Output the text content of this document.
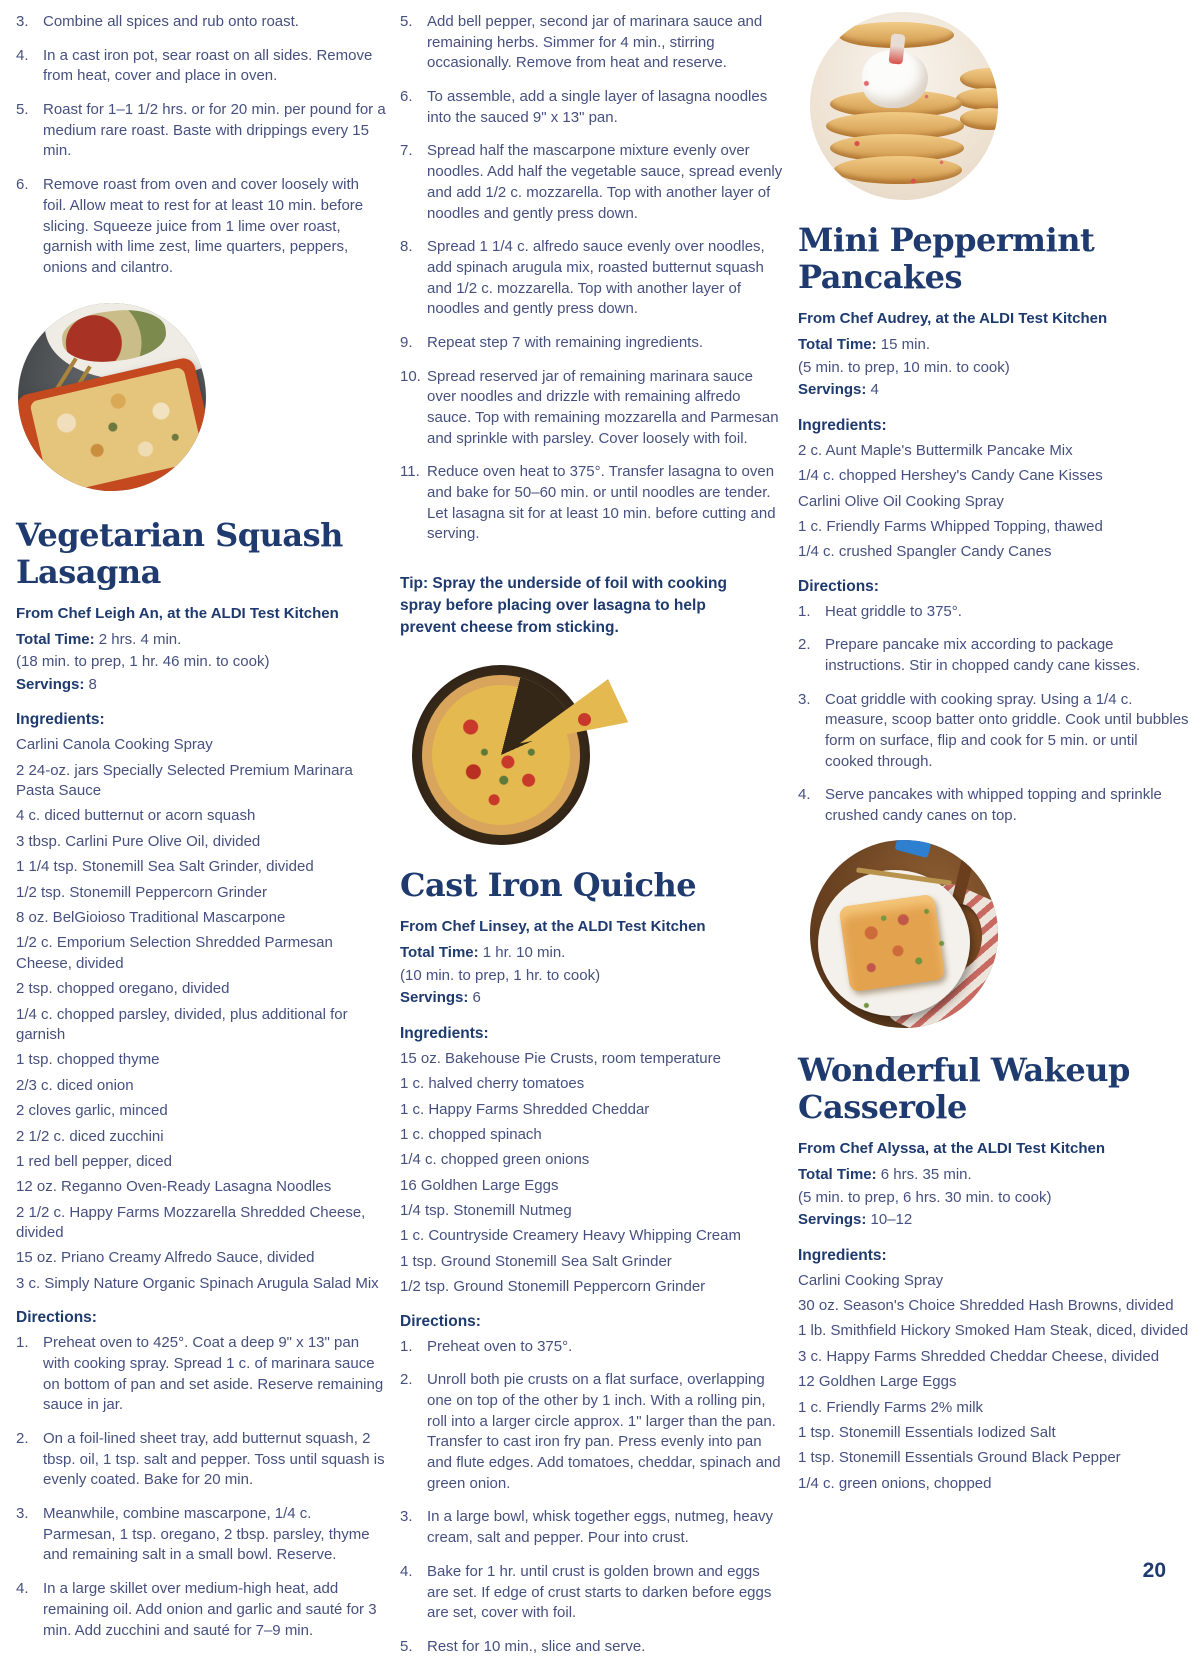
3. Combine all spices and rub onto roast.
4. In a cast iron pot, sear roast on all sides. Remove from heat, cover and place in oven.
5. Roast for 1–1 1/2 hrs. or for 20 min. per pound for a medium rare roast. Baste with drippings every 15 min.
6. Remove roast from oven and cover loosely with foil. Allow meat to rest for at least 10 min. before slicing. Squeeze juice from 1 lime over roast, garnish with lime zest, lime quarters, peppers, onions and cilantro.
Vegetarian Squash Lasagna
From Chef Leigh An, at the ALDI Test Kitchen
Total Time: 2 hrs. 4 min.
(18 min. to prep, 1 hr. 46 min. to cook)
Servings: 8
Ingredients:
Carlini Canola Cooking Spray
2 24-oz. jars Specially Selected Premium Marinara Pasta Sauce
4 c. diced butternut or acorn squash
3 tbsp. Carlini Pure Olive Oil, divided
1 1/4 tsp. Stonemill Sea Salt Grinder, divided
1/2 tsp. Stonemill Peppercorn Grinder
8 oz. BelGioioso Traditional Mascarpone
1/2 c. Emporium Selection Shredded Parmesan Cheese, divided
2 tsp. chopped oregano, divided
1/4 c. chopped parsley, divided, plus additional for garnish
1 tsp. chopped thyme
2/3 c. diced onion
2 cloves garlic, minced
2 1/2 c. diced zucchini
1 red bell pepper, diced
12 oz. Reganno Oven-Ready Lasagna Noodles
2 1/2 c. Happy Farms Mozzarella Shredded Cheese, divided
15 oz. Priano Creamy Alfredo Sauce, divided
3 c. Simply Nature Organic Spinach Arugula Salad Mix
Directions:
1. Preheat oven to 425°. Coat a deep 9" x 13" pan with cooking spray. Spread 1 c. of marinara sauce on bottom of pan and set aside. Reserve remaining sauce in jar.
2. On a foil-lined sheet tray, add butternut squash, 2 tbsp. oil, 1 tsp. salt and pepper. Toss until squash is evenly coated. Bake for 20 min.
3. Meanwhile, combine mascarpone, 1/4 c. Parmesan, 1 tsp. oregano, 2 tbsp. parsley, thyme and remaining salt in a small bowl. Reserve.
4. In a large skillet over medium-high heat, add remaining oil. Add onion and garlic and sauté for 3 min. Add zucchini and sauté for 7–9 min.
5. Add bell pepper, second jar of marinara sauce and remaining herbs. Simmer for 4 min., stirring occasionally. Remove from heat and reserve.
6. To assemble, add a single layer of lasagna noodles into the sauced 9" x 13" pan.
7. Spread half the mascarpone mixture evenly over noodles. Add half the vegetable sauce, spread evenly and add 1/2 c. mozzarella. Top with another layer of noodles and gently press down.
8. Spread 1 1/4 c. alfredo sauce evenly over noodles, add spinach arugula mix, roasted butternut squash and 1/2 c. mozzarella. Top with another layer of noodles and gently press down.
9. Repeat step 7 with remaining ingredients.
10. Spread reserved jar of remaining marinara sauce over noodles and drizzle with remaining alfredo sauce. Top with remaining mozzarella and Parmesan and sprinkle with parsley. Cover loosely with foil.
11. Reduce oven heat to 375°. Transfer lasagna to oven and bake for 50–60 min. or until noodles are tender. Let lasagna sit for at least 10 min. before cutting and serving.
Tip: Spray the underside of foil with cooking spray before placing over lasagna to help prevent cheese from sticking.
Cast Iron Quiche
From Chef Linsey, at the ALDI Test Kitchen
Total Time: 1 hr. 10 min.
(10 min. to prep, 1 hr. to cook)
Servings: 6
Ingredients:
15 oz. Bakehouse Pie Crusts, room temperature
1 c. halved cherry tomatoes
1 c. Happy Farms Shredded Cheddar
1 c. chopped spinach
1/4 c. chopped green onions
16 Goldhen Large Eggs
1/4 tsp. Stonemill Nutmeg
1 c. Countryside Creamery Heavy Whipping Cream
1 tsp. Ground Stonemill Sea Salt Grinder
1/2 tsp. Ground Stonemill Peppercorn Grinder
Directions:
1. Preheat oven to 375°.
2. Unroll both pie crusts on a flat surface, overlapping one on top of the other by 1 inch. With a rolling pin, roll into a larger circle approx. 1" larger than the pan. Transfer to cast iron fry pan. Press evenly into pan and flute edges. Add tomatoes, cheddar, spinach and green onion.
3. In a large bowl, whisk together eggs, nutmeg, heavy cream, salt and pepper. Pour into crust.
4. Bake for 1 hr. until crust is golden brown and eggs are set. If edge of crust starts to darken before eggs are set, cover with foil.
5. Rest for 10 min., slice and serve.
Mini Peppermint Pancakes
From Chef Audrey, at the ALDI Test Kitchen
Total Time: 15 min.
(5 min. to prep, 10 min. to cook)
Servings: 4
Ingredients:
2 c. Aunt Maple's Buttermilk Pancake Mix
1/4 c. chopped Hershey's Candy Cane Kisses
Carlini Olive Oil Cooking Spray
1 c. Friendly Farms Whipped Topping, thawed
1/4 c. crushed Spangler Candy Canes
Directions:
1. Heat griddle to 375°.
2. Prepare pancake mix according to package instructions. Stir in chopped candy cane kisses.
3. Coat griddle with cooking spray. Using a 1/4 c. measure, scoop batter onto griddle. Cook until bubbles form on surface, flip and cook for 5 min. or until cooked through.
4. Serve pancakes with whipped topping and sprinkle crushed candy canes on top.
Wonderful Wakeup Casserole
From Chef Alyssa, at the ALDI Test Kitchen
Total Time: 6 hrs. 35 min.
(5 min. to prep, 6 hrs. 30 min. to cook)
Servings: 10–12
Ingredients:
Carlini Cooking Spray
30 oz. Season's Choice Shredded Hash Browns, divided
1 lb. Smithfield Hickory Smoked Ham Steak, diced, divided
3 c. Happy Farms Shredded Cheddar Cheese, divided
12 Goldhen Large Eggs
1 c. Friendly Farms 2% milk
1 tsp. Stonemill Essentials Iodized Salt
1 tsp. Stonemill Essentials Ground Black Pepper
1/4 c. green onions, chopped
20
